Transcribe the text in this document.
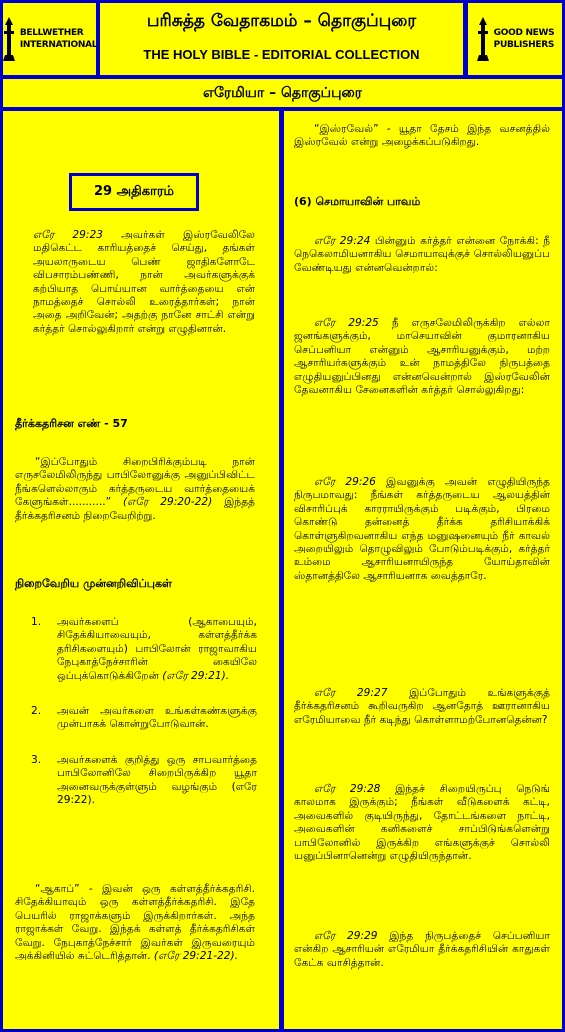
BELLWETHER
INTERNATIONAL
பரிசுத்த வேதாகமம் – தொகுப்புரை
THE HOLY BIBLE - EDITORIAL COLLECTION
GOOD NEWS
PUBLISHERS
எரேமியா – தொகுப்புரை
29 அதிகாரம்

எரே 29:23 அவர்கள் இஸ்ரவேலிலே மதிகெட்ட காரியத்தைச் செய்து, தங்கள் அயலாருடைய பெண் ஜாதிகளோடே விபசாரம்பண்ணி, நான் அவர்களுக்குக் கற்பியாத பொய்யான வார்த்தையை என் நாமத்தைச் சொல்லி உரைத்தார்கள்; நான் அதை அறிவேன்; அதற்கு நானே சாட்சி என்று கர்த்தர் சொல்லுகிறார் என்று எழுதினான்.

தீர்க்கதரிசன எண் - 57

“இப்போதும் சிறைபிரிக்கும்படி நான் எருசலேமிலிருந்து பாபிலோனுக்கு அனுப்பிவிட்ட நீங்களெல்லாரும் கர்த்தருடைய வார்த்தையைக் கேளுங்கள்...........” (எரே 29:20-22) இந்தத் தீர்க்கதரிசனம் நிறைவேறிற்று.

நிறைவேறிய முன்னறிவிப்புகள்
1. அவர்களைப் (ஆகாபையும், சிதேக்கியாவையும், கள்ளத்தீர்க்க தரிசிகளையும்) பாபிலோன் ராஜாவாகிய நேபுகாத்நேச்சாரின் கையிலே ஒப்புக்கொடுக்கிறேன் (எரே 29:21).
2. அவன் அவர்களை உங்கள்கண்களுக்கு முன்பாகக் கொன்றுபோடுவான்.
3. அவர்களைக் குறித்து ஒரு சாபவார்த்தை பாபிலோனிலே சிறைபிருக்கிற யூதா அனைவருக்குள்ளும் வழங்கும் (எரே 29:22).

“ஆகாப்” - இவன் ஒரு கள்ளத்தீர்க்கதரிசி. சிதேக்கியாவும் ஒரு கள்ளத்தீர்க்கதரிசி. இதே பெயரில் ராஜாக்களும் இருக்கிறார்கள். அந்த ராஜாக்கள் வேறு. இந்தக் கள்ளத் தீர்க்கதரிசிகள் வேறு. நேபுகாத்நேச்சார் இவர்கள் இருவரையும் அக்கினியில் சுட்டெரித்தான். (எரே 29:21-22).

“இஸ்ரவேல்” - யூதா தேசம் இந்த வசனத்தில் இஸ்ரவேல் என்று அழைக்கப்படுகிறது.

(6) செமாயாவின் பாவம்

எரே 29:24 பின்னும் கர்த்தர் என்னை நோக்கி: நீ நெகெலாமியனாகிய செமாயாவுக்குச் சொல்லியனுப்ப வேண்டியது என்னவென்றால்:

எரே 29:25 நீ எருசலேமிலிருக்கிற எல்லா ஜனங்களுக்கும், மாசெயாவின் குமாரனாகிய செப்பனியா என்னும் ஆசாரியனுக்கும், மற்ற ஆசாரியர்களுக்கும் உன் நாமத்திலே நிருபத்தை எழுதியனுப்பினது என்னவென்றால் இஸ்ரவேலின் தேவனாகிய சேனைகளின் கர்த்தர் சொல்லுகிறது:

எரே 29:26 இவனுக்கு அவன் எழுதியிருந்த நிருபமாவது: நீங்கள் கர்த்தருடைய ஆலயத்தின் விசாரிப்புக் காரராயிருக்கும் படிக்கும், பிரமை கொண்டு தன்னைத் தீர்க்க தரிசியாக்கிக் கொள்ளுகிறவனாகிய எந்த மனுஷனையும் நீர் காவல் அறையிலும் தொழுவிலும் போடும்படிக்கும், கர்த்தர் உம்மை ஆசாரியனாயிருந்த யோய்தாவின் ஸ்தானத்திலே ஆசாரியனாக வைத்தாரே.

எரே 29:27 இப்போதும் உங்களுக்குத் தீர்க்கதரிசனம் கூறிவருகிற ஆனதோத் ஊரானாகிய எரேமியாவை நீர் கடிந்து கொள்ளாமற்போனதென்ன?

எரே 29:28 இந்தச் சிறையிருப்பு நெடுங் காலமாக இருக்கும்; நீங்கள் வீடுகளைக் கட்டி, அவைகளில் குடியிருந்து, தோட்டங்களை நாட்டி, அவைகளின் கனிகளைச் சாப்பிடுங்களென்று பாபிலோனில் இருக்கிற எங்களுக்குச் சொல்லி யனுப்பினானென்று எழுதியிருந்தான்.

எரே 29:29 இந்த நிருபத்தைச் செப்பனியா என்கிற ஆசாரியன் எரேமியா தீர்க்கதரிசியின் காதுகள் கேட்க வாசித்தான்.
